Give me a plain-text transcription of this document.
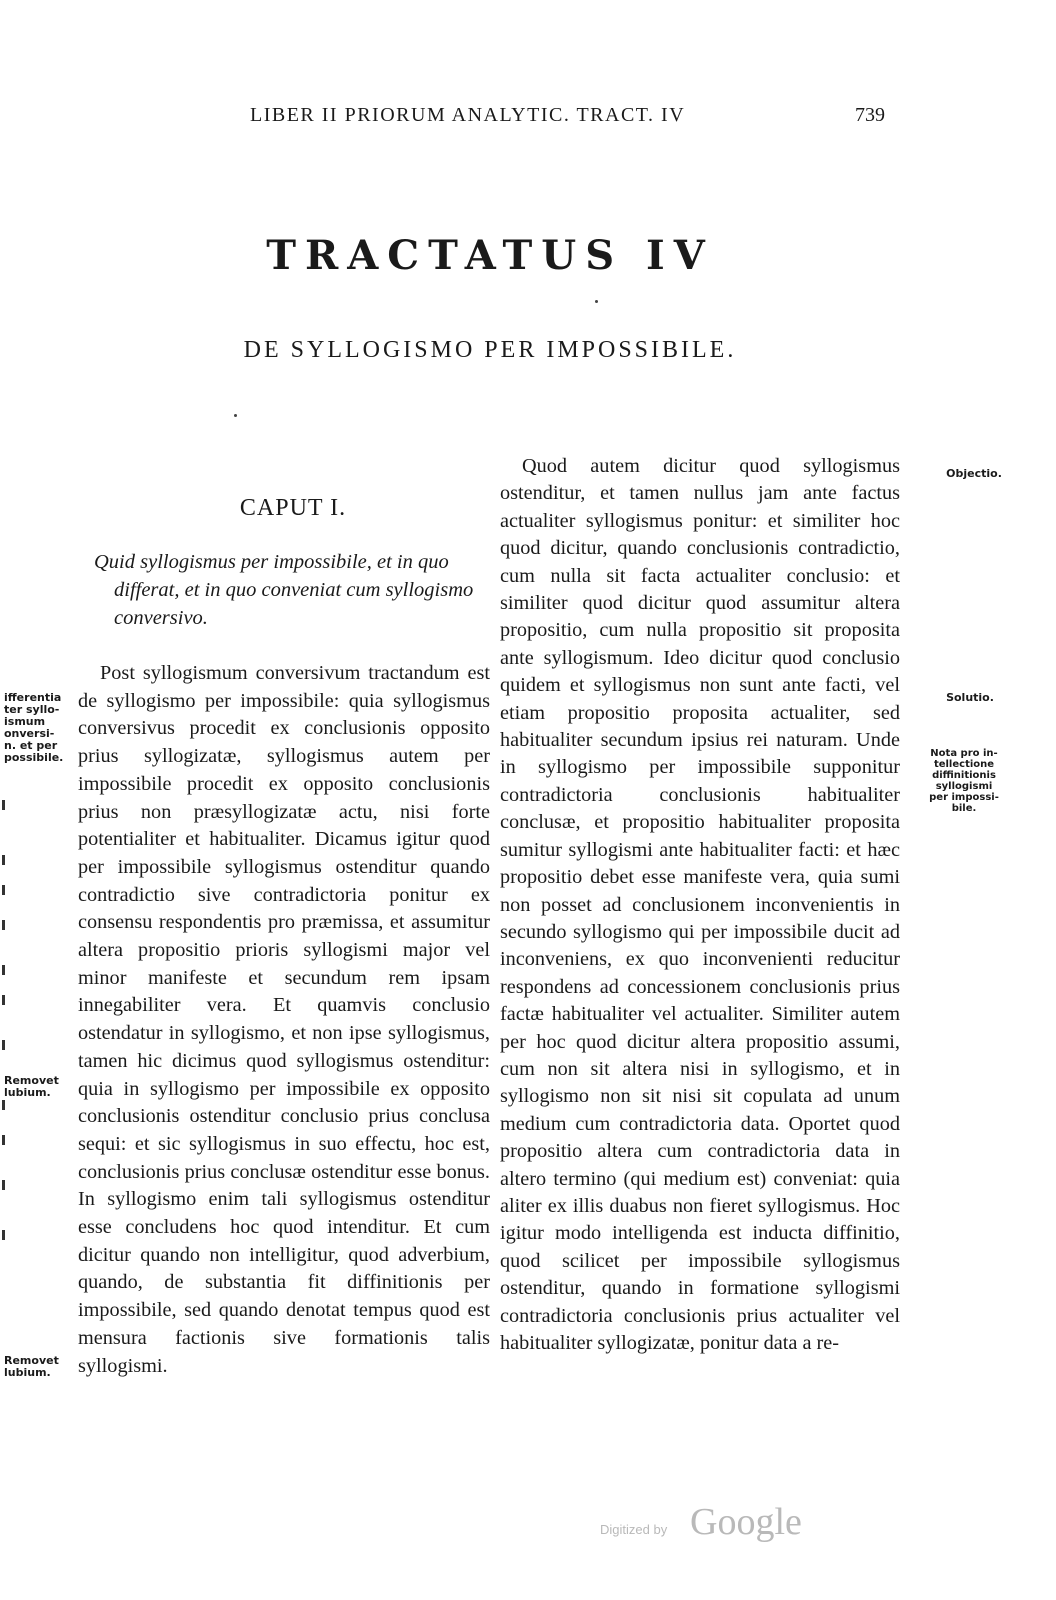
LIBER II PRIORUM ANALYTIC. TRACT. IV	739
TRACTATUS IV
DE SYLLOGISMO PER IMPOSSIBILE.
CAPUT I.

Quid syllogismus per impossibile, et in quo differat, et in quo conveniat cum syllogismo conversivo.

Post syllogismum conversivum tractandum est de syllogismo per impossibile: quia syllogismus conversivus procedit ex conclusionis opposito prius syllogizatæ, syllogismus autem per impossibile procedit ex opposito conclusionis prius non præsyllogizatæ actu, nisi forte potentialiter et habitualiter. Dicamus igitur quod per impossibile syllogismus ostenditur quando contradictio sive contradictoria ponitur ex consensu respondentis pro præmissa, et assumitur altera propositio prioris syllogismi major vel minor manifeste et secundum rem ipsam innegabiliter vera. Et quamvis conclusio ostendatur in syllogismo, et non ipse syllogismus, tamen hic dicimus quod syllogismus ostenditur: quia in syllogismo per impossibile ex opposito conclusionis ostenditur conclusio prius conclusa sequi: et sic syllogismus in suo effectu, hoc est, conclusionis prius conclusæ ostenditur esse bonus. In syllogismo enim tali syllogismus ostenditur esse concludens hoc quod intenditur. Et cum dicitur quando non intelligitur, quod adverbium, quando, de substantia fit diffinitionis per impossibile, sed quando denotat tempus quod est mensura factionis sive formationis talis syllogismi.

Quod autem dicitur quod syllogismus ostenditur, et tamen nullus jam ante factus actualiter syllogismus ponitur: et similiter hoc quod dicitur, quando conclusionis contradictio, cum nulla sit facta actualiter conclusio: et similiter quod dicitur quod assumitur altera propositio, cum nulla propositio sit proposita ante syllogismum. Ideo dicitur quod conclusio quidem et syllogismus non sunt ante facti, vel etiam propositio proposita actualiter, sed habitualiter secundum ipsius rei naturam. Unde in syllogismo per impossibile supponitur contradictoria conclusionis habitualiter conclusæ, et propositio habitualiter proposita sumitur syllogismi ante habitualiter facti: et hæc propositio debet esse manifeste vera, quia sumi non posset ad conclusionem inconvenientis in secundo syllogismo qui per impossibile ducit ad inconveniens, ex quo inconvenienti reducitur respondens ad concessionem conclusionis prius factæ habitualiter vel actualiter. Similiter autem per hoc quod dicitur altera propositio assumi, cum non sit altera nisi in syllogismo, et in syllogismo non sit nisi sit copulata ad unum medium cum contradictoria data. Oportet quod propositio altera cum contradictoria data in altero termino (qui medium est) conveniat: quia aliter ex illis duabus non fieret syllogismus. Hoc igitur modo intelligenda est inducta diffinitio, quod scilicet per impossibile syllogismus ostenditur, quando in formatione syllogismi contradictoria conclusionis prius actualiter vel habitualiter syllogizatæ, ponitur data a re-

ifferentia
ter syllo-
ismum
onversi-
n. et per
possibile.
Removet
lubium.
Removet
lubium.
Objectio.
Solutio.
Nota pro in-
tellectione
diffinitionis
syllogismi
per impossi-
bile.
Digitized by Google
